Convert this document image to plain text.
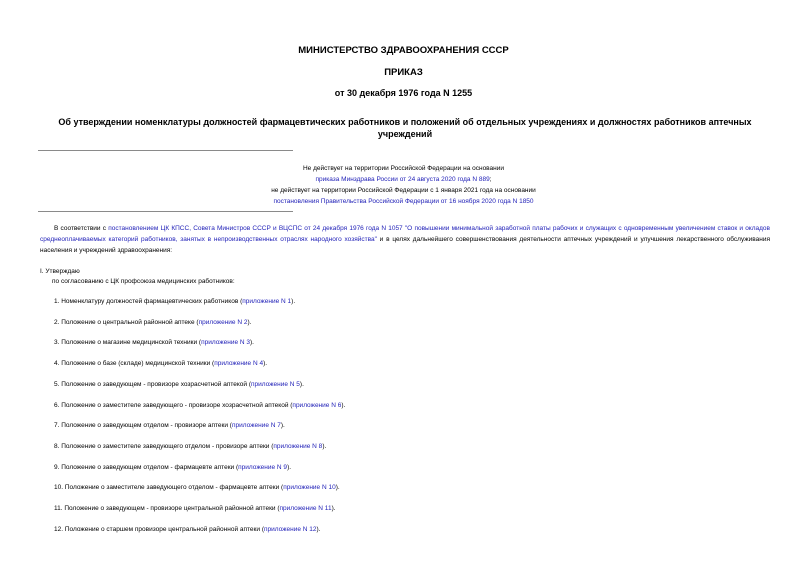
МИНИСТЕРСТВО ЗДРАВООХРАНЕНИЯ СССР
ПРИКАЗ
от 30 декабря 1976 года N 1255
Об утверждении номенклатуры должностей фармацевтических работников и положений об отдельных учреждениях и должностях работников аптечных учреждений
Не действует на территории Российской Федерации на основании
приказа Минздрава России от 24 августа 2020 года N 889;
не действует на территории Российской Федерации с 1 января 2021 года на основании
постановления Правительства Российской Федерации от 16 ноября 2020 года N 1850
В соответствии с постановлением ЦК КПСС, Совета Министров СССР и ВЦСПС от 24 декабря 1976 года N 1057 "О повышении минимальной заработной платы рабочих и служащих с одновременным увеличением ставок и окладов среднеоплачиваемых категорий работников, занятых в непроизводственных отраслях народного хозяйства" и в целях дальнейшего совершенствования деятельности аптечных учреждений и улучшения лекарственного обслуживания населения и учреждений здравоохранения:
I. Утверждаю
по согласованию с ЦК профсоюза медицинских работников:
1. Номенклатуру должностей фармацевтических работников (приложение N 1).
2. Положение о центральной районной аптеке (приложение N 2).
3. Положение о магазине медицинской техники (приложение N 3).
4. Положение о базе (складе) медицинской техники (приложение N 4).
5. Положение о заведующем - провизоре хозрасчетной аптекой (приложение N 5).
6. Положение о заместителе заведующего - провизоре хозрасчетной аптекой (приложение N 6).
7. Положение о заведующем отделом - провизоре аптеки (приложение N 7).
8. Положение о заместителе заведующего отделом - провизоре аптеки (приложение N 8).
9. Положение о заведующем отделом - фармацевте аптеки (приложение N 9).
10. Положение о заместителе заведующего отделом - фармацевте аптеки (приложение N 10).
11. Положение о заведующем - провизоре центральной районной аптеки (приложение N 11).
12. Положение о старшем провизоре центральной районной аптеки (приложение N 12).
